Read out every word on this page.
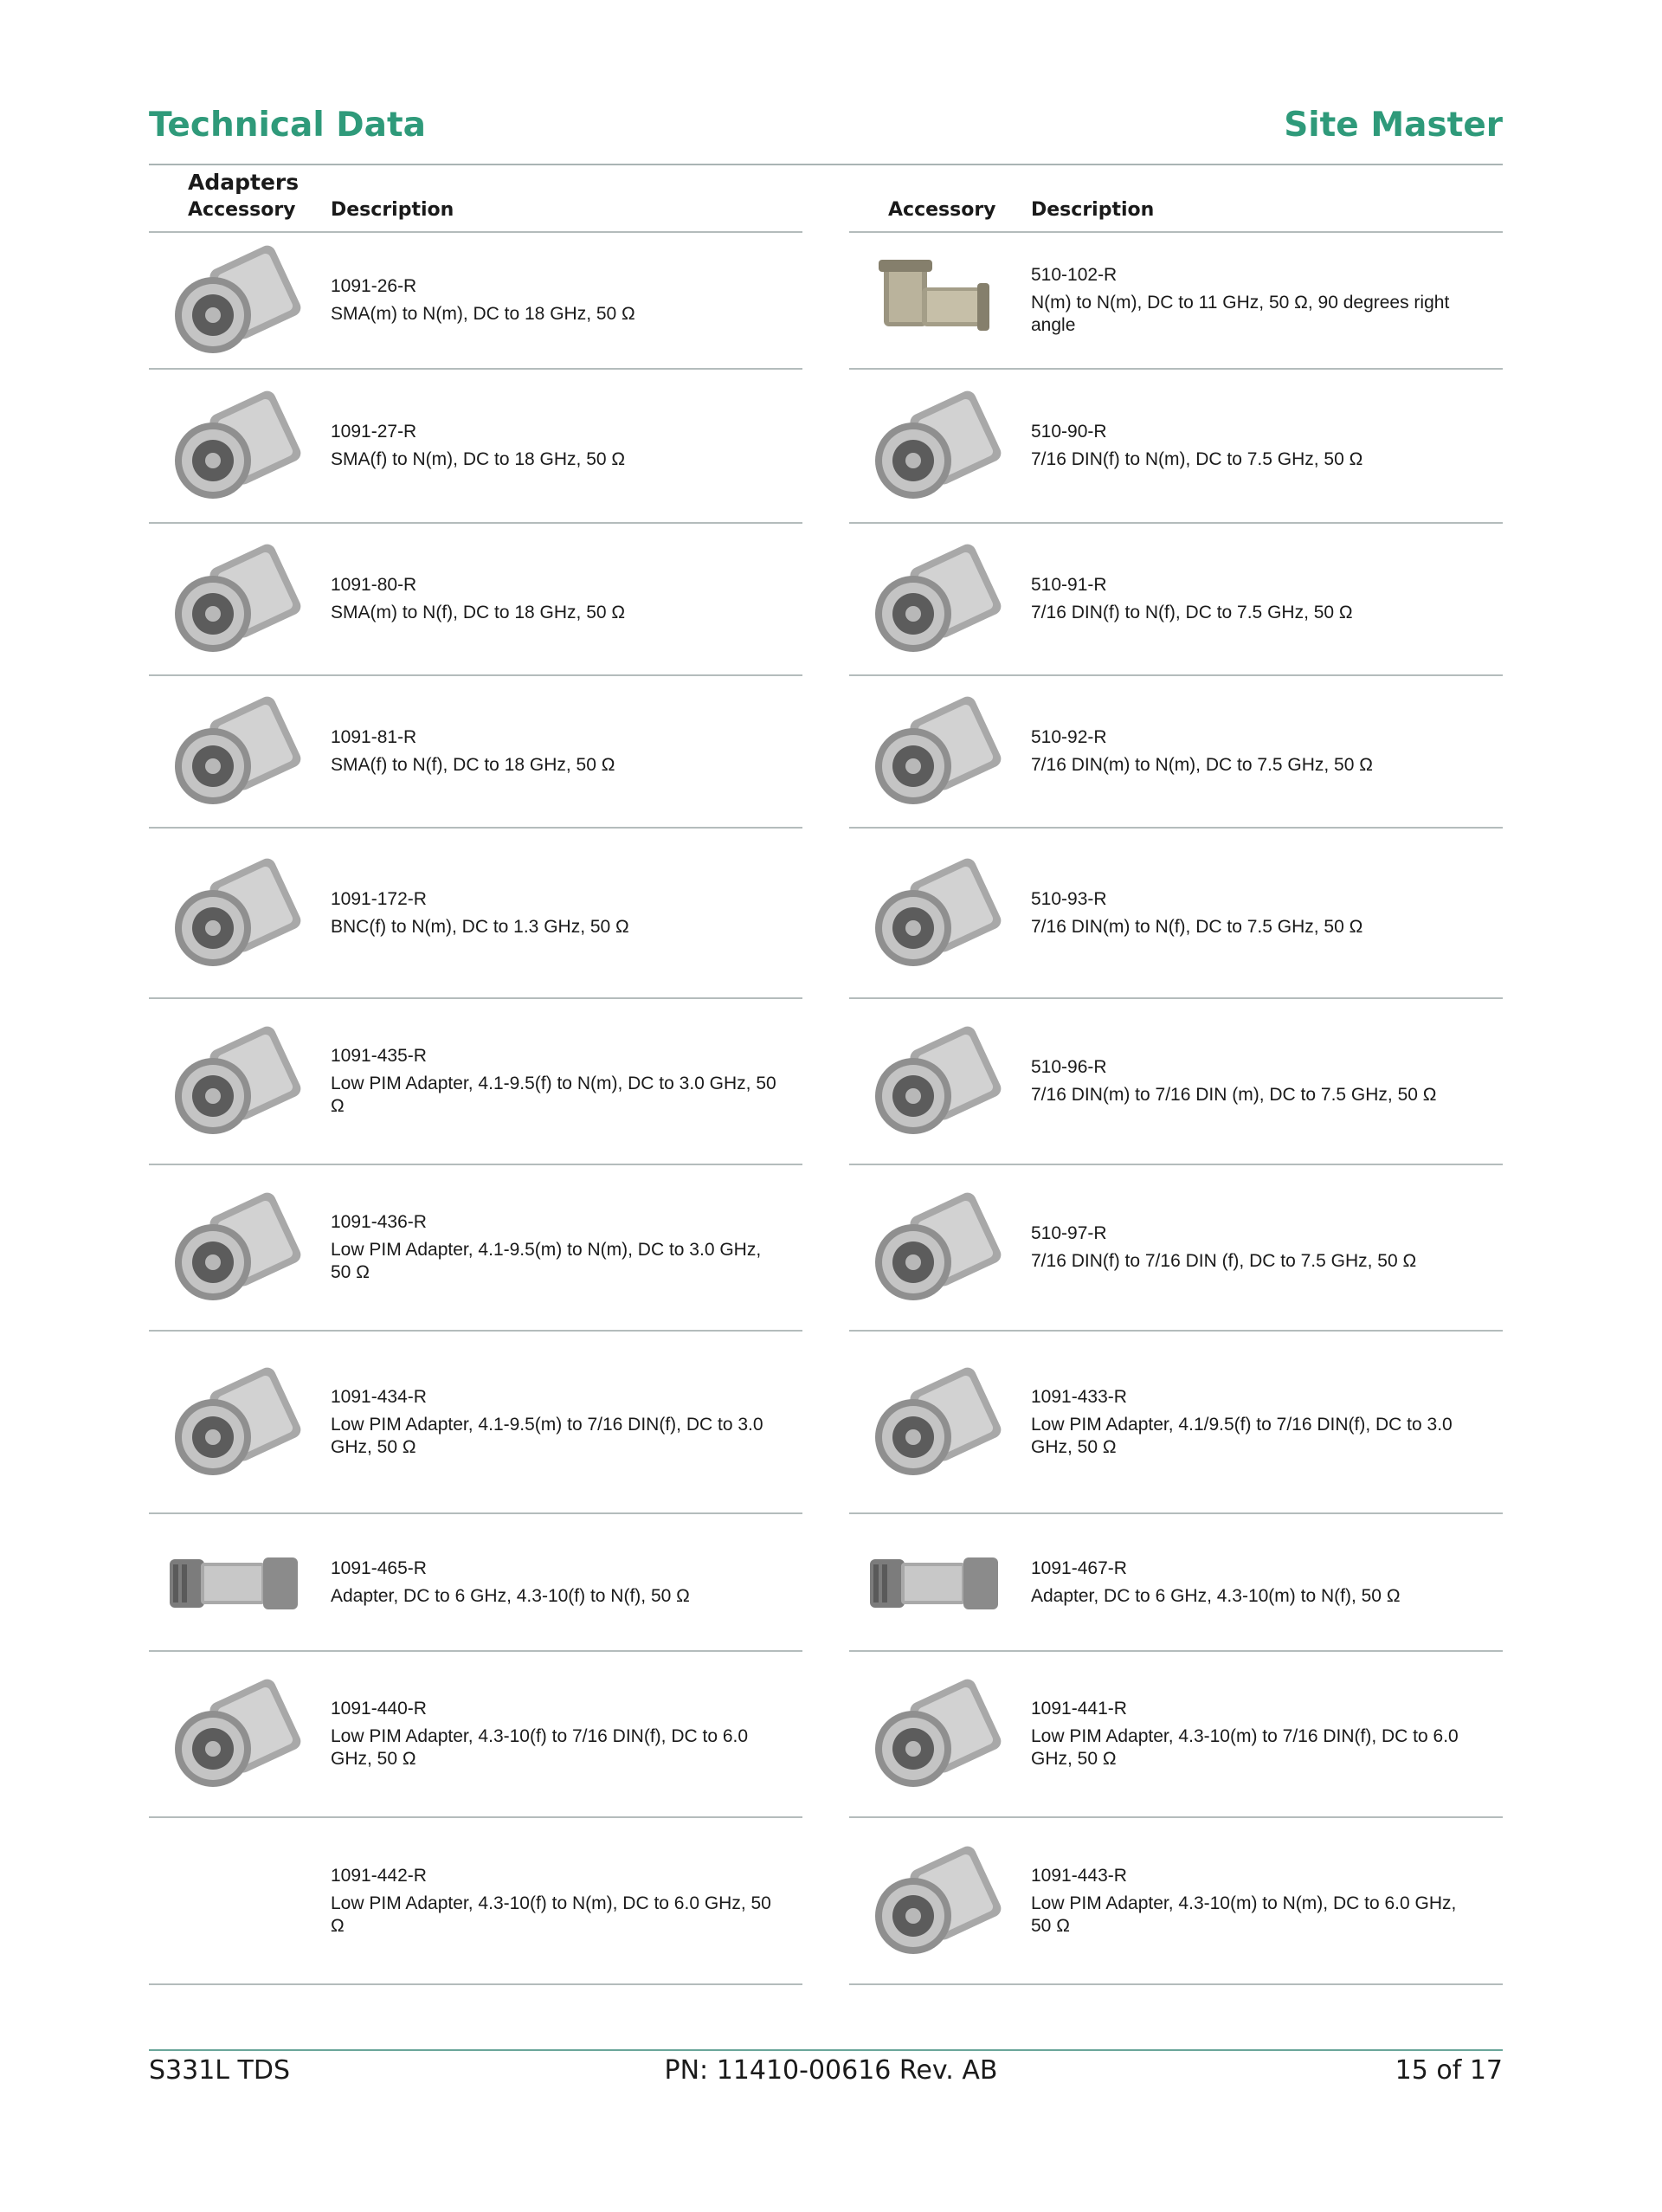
Technical Data	Site Master
Adapters
Accessory Description
1091-26-R
SMA(m) to N(m), DC to 18 GHz, 50 Ω
1091-27-R
SMA(f) to N(m), DC to 18 GHz, 50 Ω
1091-80-R
SMA(m) to N(f), DC to 18 GHz, 50 Ω
1091-81-R
SMA(f) to N(f), DC to 18 GHz, 50 Ω
1091-172-R
BNC(f) to N(m), DC to 1.3 GHz, 50 Ω
1091-435-R
Low PIM Adapter, 4.1-9.5(f) to N(m), DC to 3.0 GHz, 50 Ω
1091-436-R
Low PIM Adapter, 4.1-9.5(m) to N(m), DC to 3.0 GHz, 50 Ω
1091-434-R
Low PIM Adapter, 4.1-9.5(m) to 7/16 DIN(f), DC to 3.0 GHz, 50 Ω
1091-465-R
Adapter, DC to 6 GHz, 4.3-10(f) to N(f), 50 Ω
1091-440-R
Low PIM Adapter, 4.3-10(f) to 7/16 DIN(f), DC to 6.0 GHz, 50 Ω
1091-442-R
Low PIM Adapter, 4.3-10(f) to N(m), DC to 6.0 GHz, 50 Ω
Accessory Description
510-102-R
N(m) to N(m), DC to 11 GHz, 50 Ω, 90 degrees right angle
510-90-R
7/16 DIN(f) to N(m), DC to 7.5 GHz, 50 Ω
510-91-R
7/16 DIN(f) to N(f), DC to 7.5 GHz, 50 Ω
510-92-R
7/16 DIN(m) to N(m), DC to 7.5 GHz, 50 Ω
510-93-R
7/16 DIN(m) to N(f), DC to 7.5 GHz, 50 Ω
510-96-R
7/16 DIN(m) to 7/16 DIN (m), DC to 7.5 GHz, 50 Ω
510-97-R
7/16 DIN(f) to 7/16 DIN (f), DC to 7.5 GHz, 50 Ω
1091-433-R
Low PIM Adapter, 4.1/9.5(f) to 7/16 DIN(f), DC to 3.0 GHz, 50 Ω
1091-467-R
Adapter, DC to 6 GHz, 4.3-10(m) to N(f), 50 Ω
1091-441-R
Low PIM Adapter, 4.3-10(m) to 7/16 DIN(f), DC to 6.0 GHz, 50 Ω
1091-443-R
Low PIM Adapter, 4.3-10(m) to N(m), DC to 6.0 GHz, 50 Ω
S331L TDS	PN: 11410-00616 Rev. AB	15 of 17
